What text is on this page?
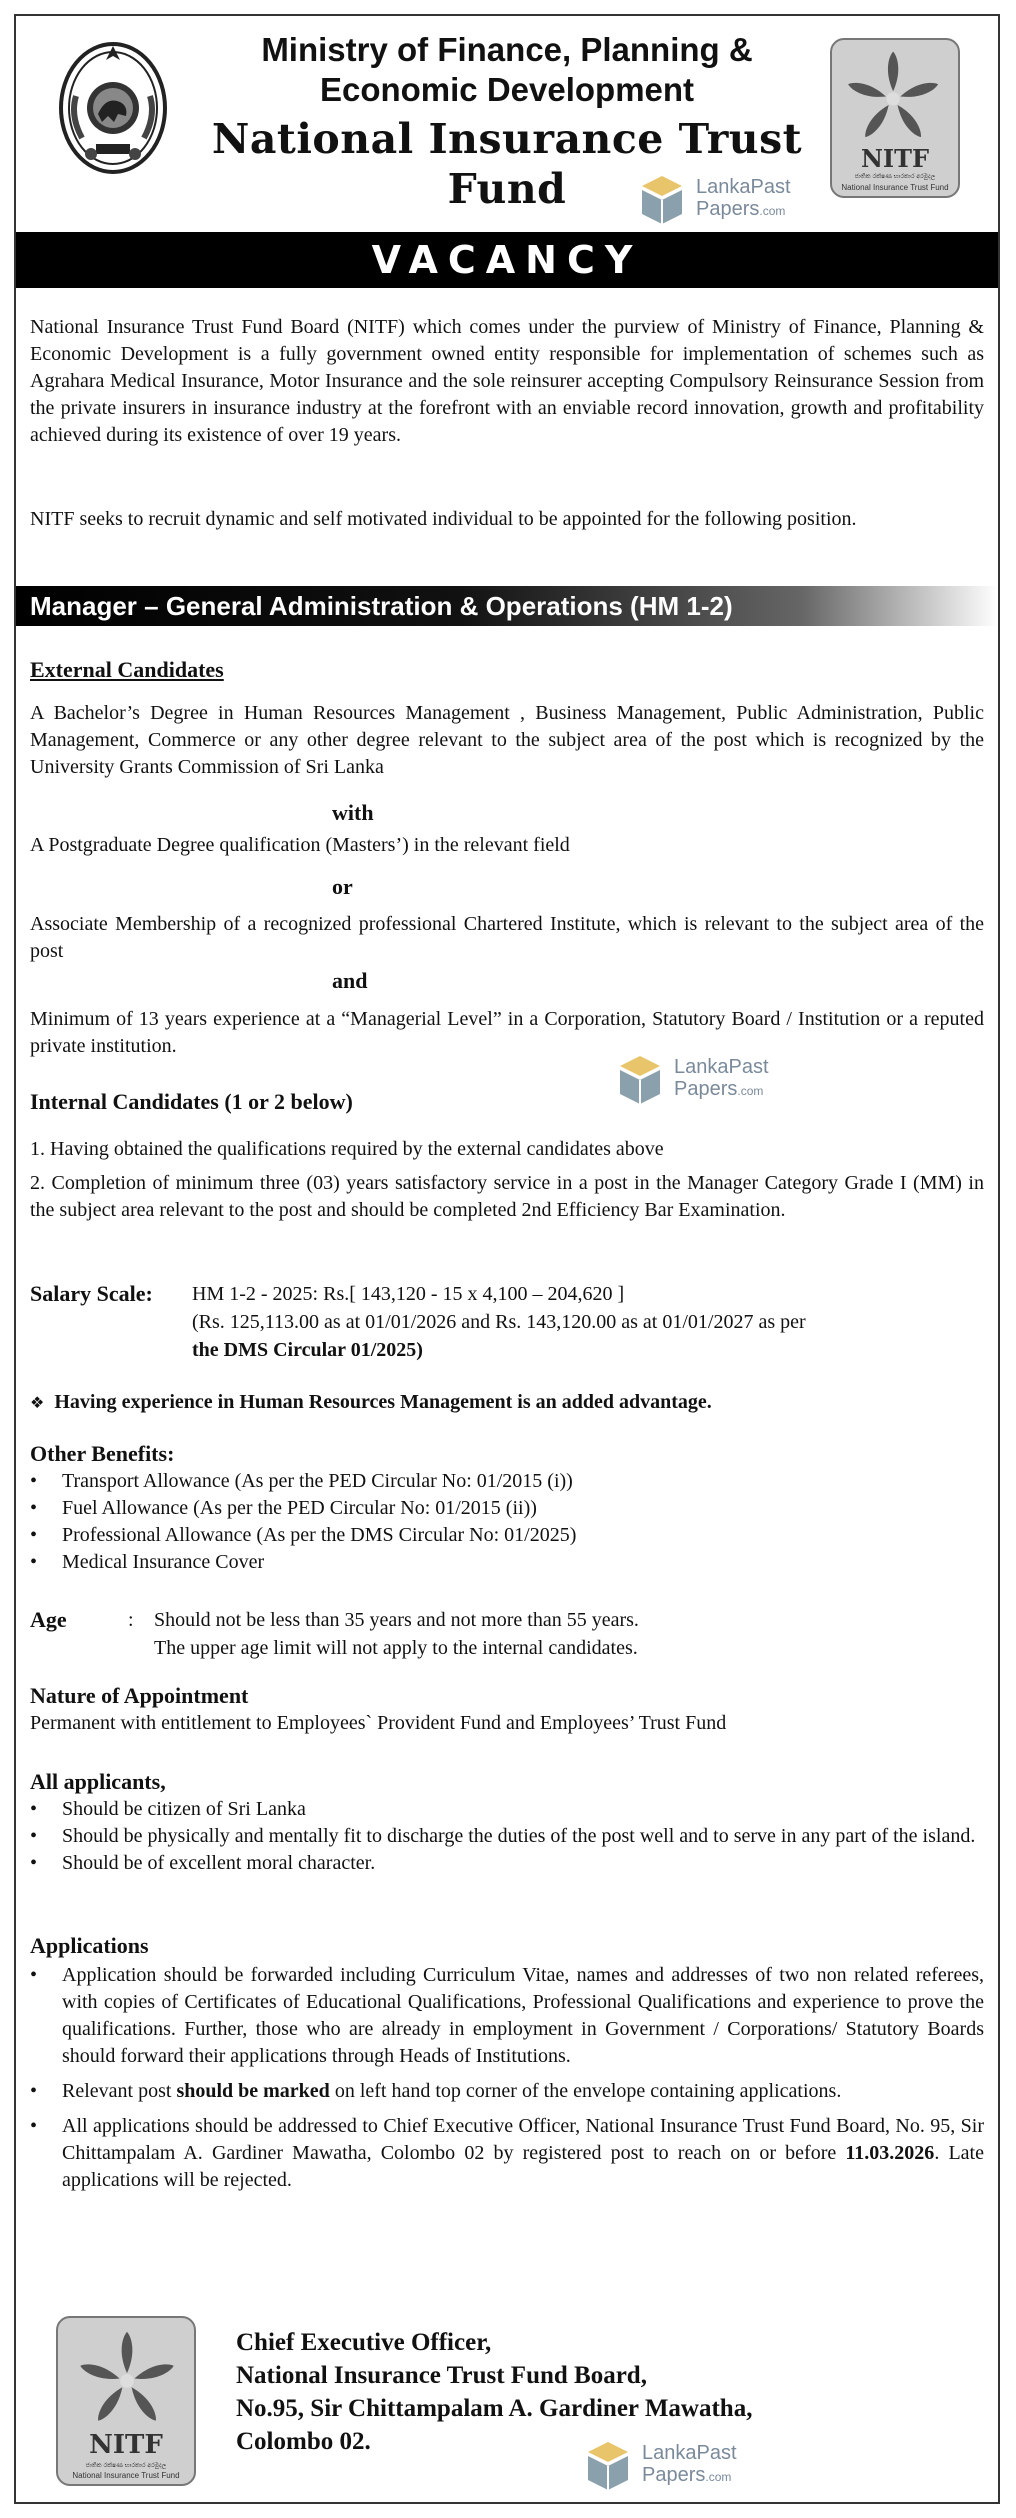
Ministry of Finance, Planning &
Economic Development
National Insurance Trust
Fund
NITF
ජාතික රක්ෂණ භාරකාර අරමුදල
National Insurance Trust Fund
LankaPast
Papers.com
VACANCY
National Insurance Trust Fund Board (NITF) which comes under the purview of Ministry of Finance, Planning & Economic Development is a fully government owned entity responsible for implementation of schemes such as Agrahara Medical Insurance, Motor Insurance and the sole reinsurer accepting Compulsory Reinsurance Session from the private insurers in insurance industry at the forefront with an enviable record innovation, growth and profitability achieved during its existence of over 19 years.
NITF seeks to recruit dynamic and self motivated individual to be appointed for the following position.
Manager – General Administration & Operations (HM 1-2)
External Candidates
A Bachelor’s Degree in Human Resources Management , Business Management, Public Administration, Public Management, Commerce or any other degree relevant to the subject area of the post which is recognized by the University Grants Commission of Sri Lanka
with
A Postgraduate Degree qualification (Masters’) in the relevant field
or
Associate Membership of a recognized professional Chartered Institute, which is relevant to the subject area of the post
and
Minimum of 13 years experience at a “Managerial Level” in a Corporation, Statutory Board / Institution or a reputed private institution.
LankaPast
Papers.com
Internal Candidates (1 or 2 below)
1. Having obtained the qualifications required by the external candidates above
2. Completion of minimum three (03) years satisfactory service in a post in the Manager Category Grade I (MM) in the subject area relevant to the post and should be completed 2nd Efficiency Bar Examination.
Salary Scale: HM 1-2 - 2025: Rs.[ 143,120 - 15 x 4,100 – 204,620 ]
(Rs. 125,113.00 as at 01/01/2026 and Rs. 143,120.00 as at 01/01/2027 as per
the DMS Circular 01/2025)
❖ Having experience in Human Resources Management is an added advantage.
Other Benefits:
• Transport Allowance (As per the PED Circular No: 01/2015 (i))
• Fuel Allowance (As per the PED Circular No: 01/2015 (ii))
• Professional Allowance (As per the DMS Circular No: 01/2025)
• Medical Insurance Cover
Age	: Should not be less than 35 years and not more than 55 years.
The upper age limit will not apply to the internal candidates.
Nature of Appointment
Permanent with entitlement to Employees` Provident Fund and Employees’ Trust Fund
All applicants,
• Should be citizen of Sri Lanka
• Should be physically and mentally fit to discharge the duties of the post well and to serve in any part of the island.
• Should be of excellent moral character.
Applications
• Application should be forwarded including Curriculum Vitae, names and addresses of two non related referees, with copies of Certificates of Educational Qualifications, Professional Qualifications and experience to prove the qualifications. Further, those who are already in employment in Government / Corporations/ Statutory Boards should forward their applications through Heads of Institutions.
• Relevant post should be marked on left hand top corner of the envelope containing applications.
• All applications should be addressed to Chief Executive Officer, National Insurance Trust Fund Board, No. 95, Sir Chittampalam A. Gardiner Mawatha, Colombo 02 by registered post to reach on or before 11.03.2026. Late applications will be rejected.
NITF
ජාතික රක්ෂණ භාරකාර අරමුදල
National Insurance Trust Fund
Chief Executive Officer,
National Insurance Trust Fund Board,
No.95, Sir Chittampalam A. Gardiner Mawatha,
Colombo 02.	LankaPast
Papers.com
